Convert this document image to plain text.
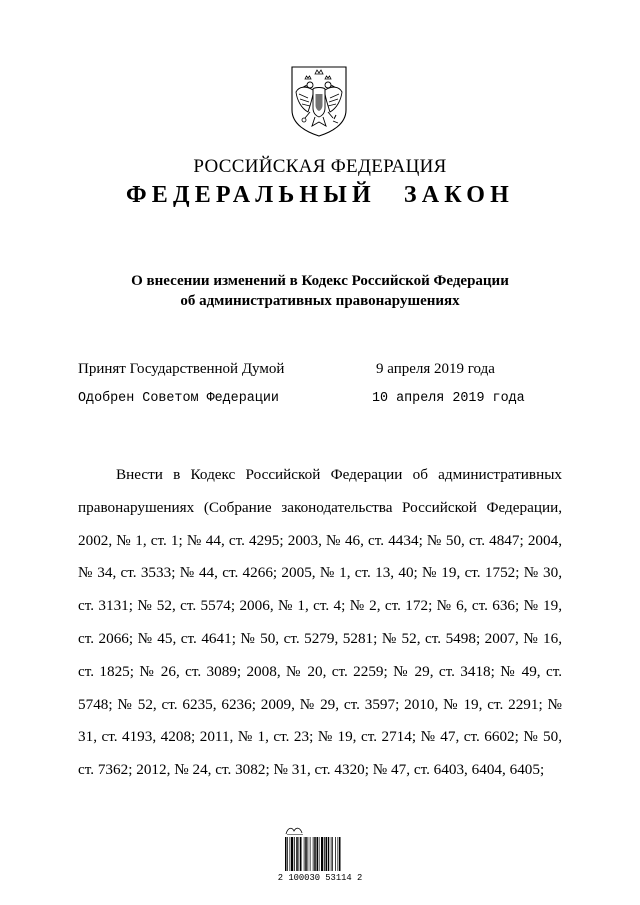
РОССИЙСКАЯ ФЕДЕРАЦИЯ
ФЕДЕРАЛЬНЫЙ ЗАКОН
О внесении изменений в Кодекс Российской Федерации
об административных правонарушениях
Принят Государственной Думой	9 апреля 2019 года
Одобрен Советом Федерации	10 апреля 2019 года
Внести в Кодекс Российской Федерации об административных правонарушениях (Собрание законодательства Российской Федерации, 2002, № 1, ст. 1; № 44, ст. 4295; 2003, № 46, ст. 4434; № 50, ст. 4847; 2004, № 34, ст. 3533; № 44, ст. 4266; 2005, № 1, ст. 13, 40; № 19, ст. 1752; № 30, ст. 3131; № 52, ст. 5574; 2006, № 1, ст. 4; № 2, ст. 172; № 6, ст. 636; № 19, ст. 2066; № 45, ст. 4641; № 50, ст. 5279, 5281; № 52, ст. 5498; 2007, № 16, ст. 1825; № 26, ст. 3089; 2008, № 20, ст. 2259; № 29, ст. 3418; № 49, ст. 5748; № 52, ст. 6235, 6236; 2009, № 29, ст. 3597; 2010, № 19, ст. 2291; № 31, ст. 4193, 4208; 2011, № 1, ст. 23; № 19, ст. 2714; № 47, ст. 6602; № 50, ст. 7362; 2012, № 24, ст. 3082; № 31, ст. 4320; № 47, ст. 6403, 6404, 6405;
2 100030 53114 2
